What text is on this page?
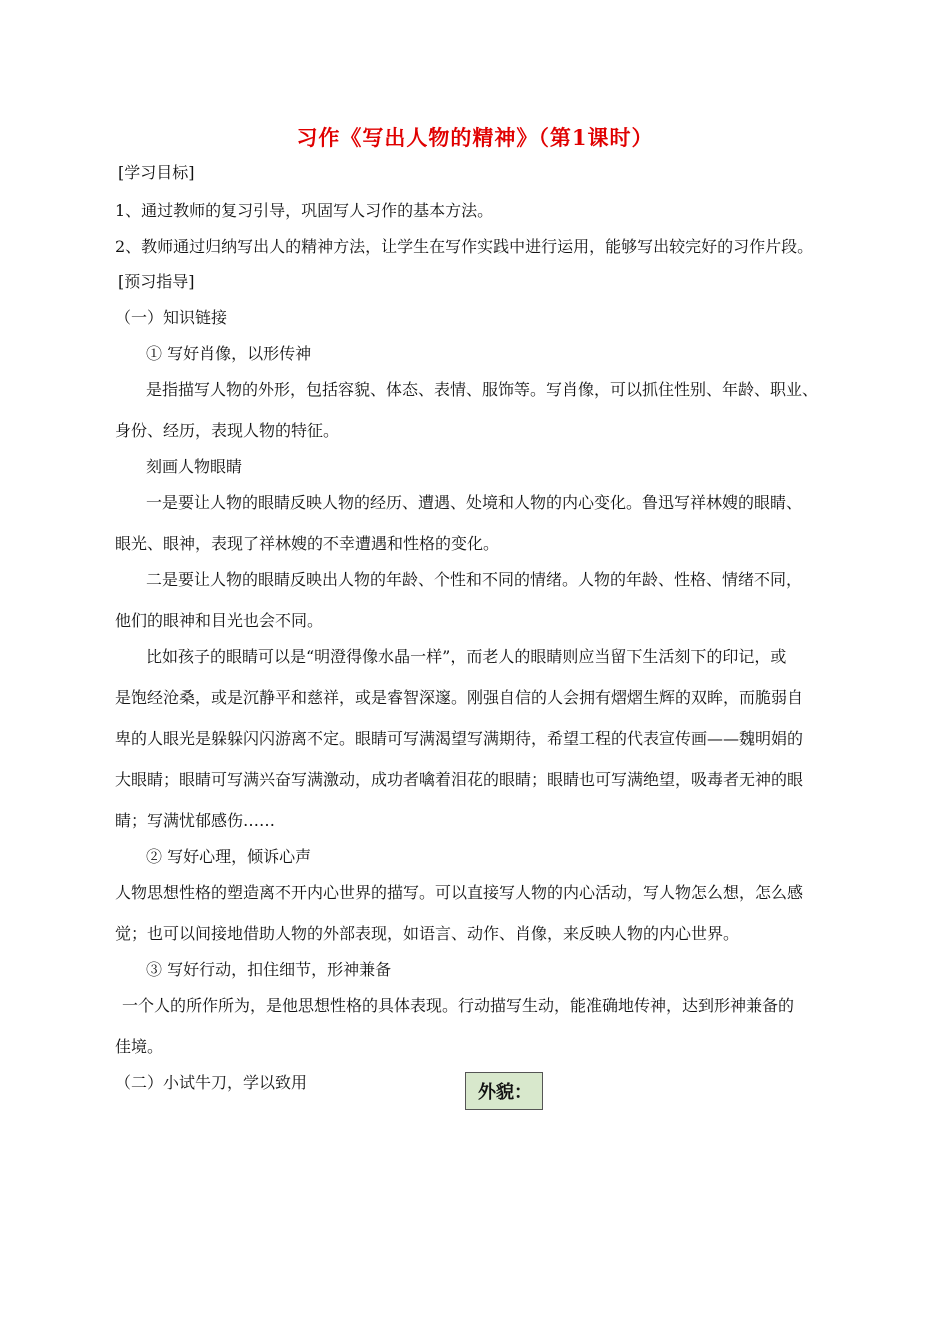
习作《写出人物的精神》（第1课时）
[学习目标]
1、通过教师的复习引导，巩固写人习作的基本方法。
2、教师通过归纳写出人的精神方法，让学生在写作实践中进行运用，能够写出较完好的习作片段。
[预习指导]
（一）知识链接
① 写好肖像，以形传神
是指描写人物的外形，包括容貌、体态、表情、服饰等。写肖像，可以抓住性别、年龄、职业、
身份、经历，表现人物的特征。
刻画人物眼睛
一是要让人物的眼睛反映人物的经历、遭遇、处境和人物的内心变化。鲁迅写祥林嫂的眼睛、
眼光、眼神，表现了祥林嫂的不幸遭遇和性格的变化。
二是要让人物的眼睛反映出人物的年龄、个性和不同的情绪。人物的年龄、性格、情绪不同，
他们的眼神和目光也会不同。
比如孩子的眼睛可以是“明澄得像水晶一样”，而老人的眼睛则应当留下生活刻下的印记，或
是饱经沧桑，或是沉静平和慈祥，或是睿智深邃。刚强自信的人会拥有熠熠生辉的双眸，而脆弱自
卑的人眼光是躲躲闪闪游离不定。眼睛可写满渴望写满期待，希望工程的代表宣传画——魏明娟的
大眼睛；眼睛可写满兴奋写满激动，成功者噙着泪花的眼睛；眼睛也可写满绝望，吸毒者无神的眼
睛；写满忧郁感伤……
② 写好心理，倾诉心声
人物思想性格的塑造离不开内心世界的描写。可以直接写人物的内心活动，写人物怎么想，怎么感
觉；也可以间接地借助人物的外部表现，如语言、动作、肖像，来反映人物的内心世界。
③ 写好行动，扣住细节，形神兼备
一个人的所作所为，是他思想性格的具体表现。行动描写生动，能准确地传神，达到形神兼备的
佳境。
（二）小试牛刀，学以致用	外貌：
